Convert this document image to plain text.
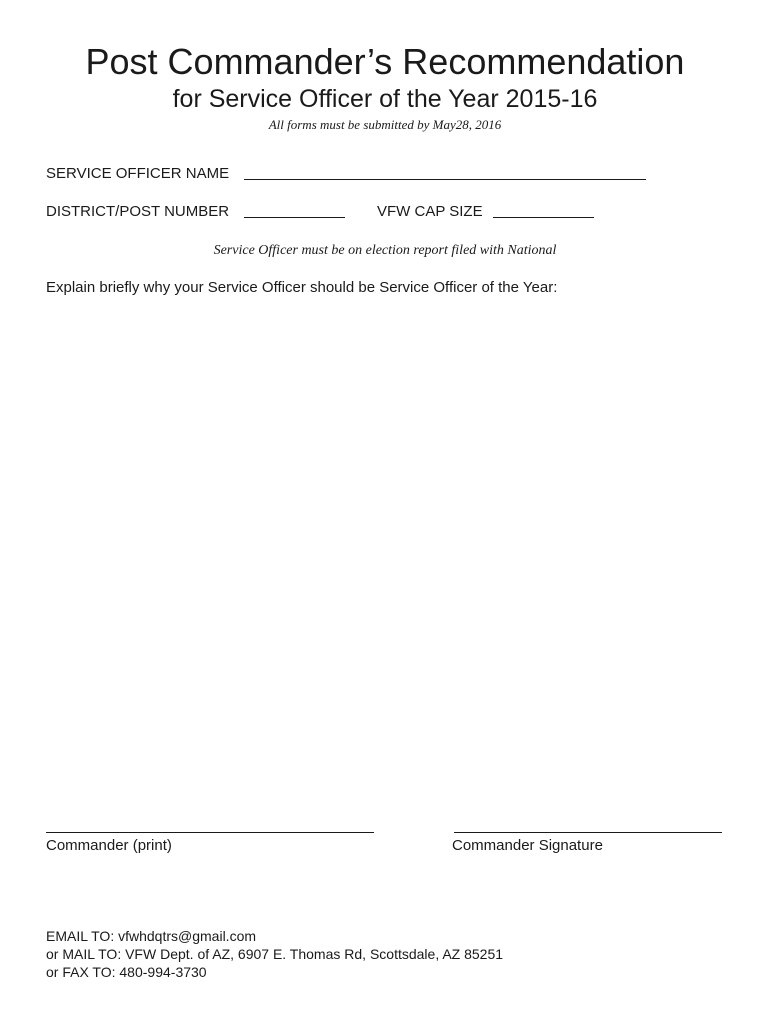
Post Commander’s Recommendation
for Service Officer of the Year 2015-16
All forms must be submitted by May28, 2016
SERVICE OFFICER NAME
DISTRICT/POST NUMBER	VFW CAP SIZE
Service Officer must be on election report filed with National
Explain briefly why your Service Officer should be Service Officer of the Year:
Commander (print)	Commander Signature
EMAIL TO: vfwhdqtrs@gmail.com
or MAIL TO: VFW Dept. of AZ, 6907 E. Thomas Rd, Scottsdale, AZ 85251
or FAX TO: 480-994-3730
